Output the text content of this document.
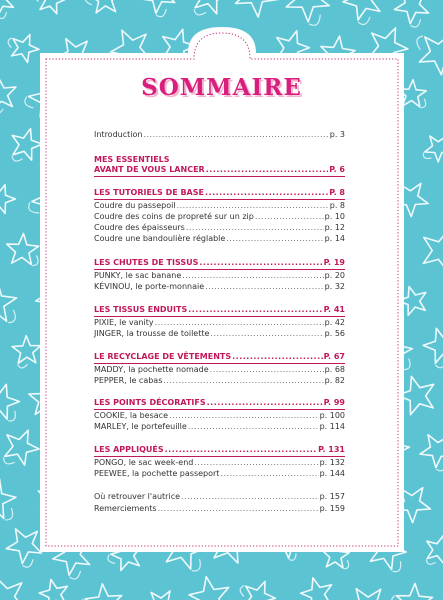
SOMMAIRE
Introduction .....	p. 3
MES ESSENTIELS
AVANT DE VOUS LANCER .....	P. 6
LES TUTORIELS DE BASE .....	P. 8
Coudre du passepoil .....	p. 8
Coudre des coins de propreté sur un zip .....	p. 10
Coudre des épaisseurs .....	p. 12
Coudre une bandoulière réglable .....	p. 14
LES CHUTES DE TISSUS .....	P. 19
PUNKY, le sac banane .....	p. 20
KÉVINOU, le porte-monnaie .....	p. 32
LES TISSUS ENDUITS .....	P. 41
PIXIE, le vanity .....	p. 42
JINGER, la trousse de toilette .....	p. 56
LE RECYCLAGE DE VÊTEMENTS .....	P. 67
MADDY, la pochette nomade .....	p. 68
PEPPER, le cabas .....	p. 82
LES POINTS DÉCORATIFS .....	P. 99
COOKIE, la besace .....	p. 100
MARLEY, le portefeuille .....	p. 114
LES APPLIQUÉS .....	P. 131
PONGO, le sac week-end .....	p. 132
PEEWEE, la pochette passeport .....	p. 144
Où retrouver l'autrice .....	p. 157
Remerciements .....	p. 159
